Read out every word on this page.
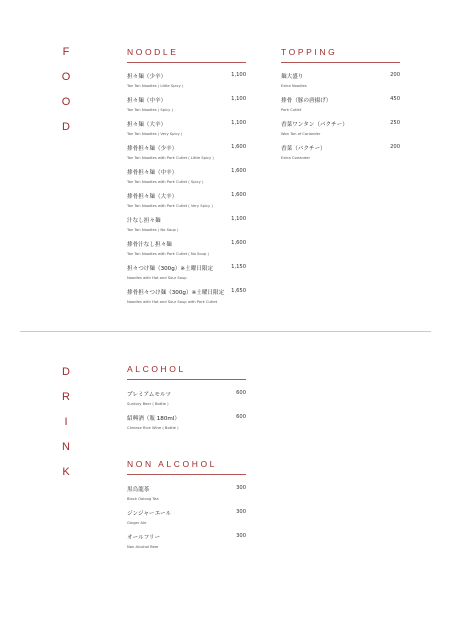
F
O
O
D
NOODLE
担々麺（少辛）
Tan Tan Noodles ( Little Spicy )
1,100
担々麺（中辛）
Tan Tan Noodles ( Spicy )
1,100
担々麺（大辛）
Tan Tan Noodles ( Very Spicy )
1,100
排骨担々麺（少辛）
Tan Tan Noodles with Pork Cutlet ( Little Spicy )
1,600
排骨担々麺（中辛）
Tan Tan Noodles with Pork Cutlet ( Spicy )
1,600
排骨担々麺（大辛）
Tan Tan Noodles with Pork Cutlet ( Very Spicy )
1,600
汁なし担々麺
Tan Tan Noodles ( No Soup )
1,100
排骨汁なし担々麺
Tan Tan Noodles with Pork Cutlet ( No Soup )
1,600
担々つけ麺（300g）※土曜日限定
Noodles with Hot and Sour Soup
1,150
排骨担々つけ麺（300g）※土曜日限定
Noodles with Hot and Sour Soup with Pork Cutlet
1,650
TOPPING
麺大盛り
Extra Noodles
200
排骨（豚の唐揚げ）
Pork Cutlet
450
香菜ワンタン（パクチー）
Won Ton of Coriander
250
香菜（パクチー）
Extra Coriander
200
D
R
I
N
K
ALCOHOL
プレミアムモルツ
Suntory Beer ( Bottle )
600
紹興酒（瓶 180ml）
Chinese Rice Wine ( Bottle )
600
NON ALCOHOL
黒烏龍茶
Black Oolong Tea
300
ジンジャーエール
Ginger Ale
300
オールフリー
Non Alcohol Beer
300
